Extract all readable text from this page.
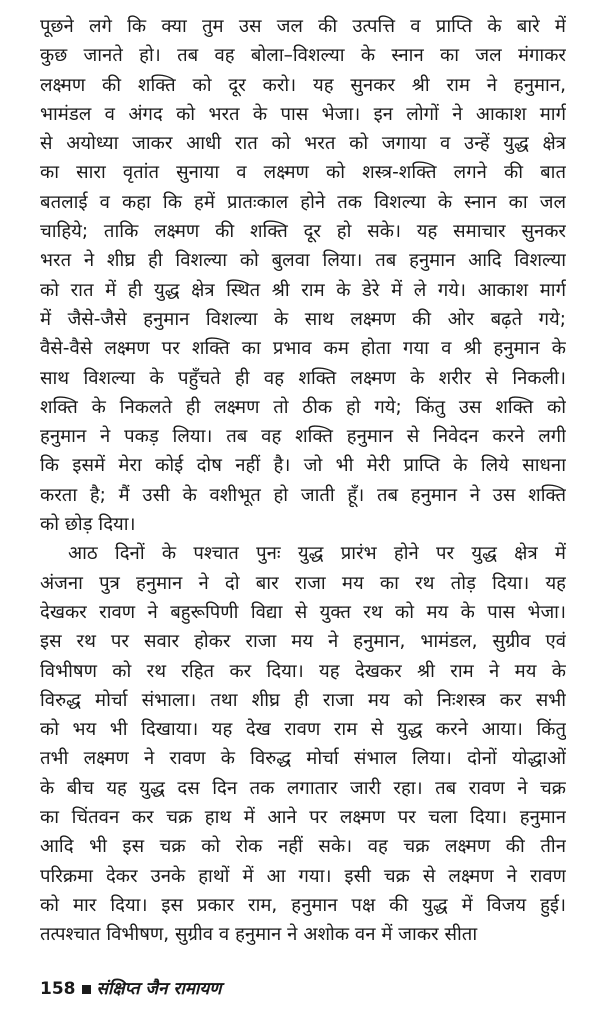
पूछने लगे कि क्या तुम उस जल की उत्पत्ति व प्राप्ति के बारे में
कुछ जानते हो। तब वह बोला–विशल्या के स्नान का जल मंगाकर
लक्ष्मण की शक्ति को दूर करो। यह सुनकर श्री राम ने हनुमान,
भामंडल व अंगद को भरत के पास भेजा। इन लोगों ने आकाश मार्ग
से अयोध्या जाकर आधी रात को भरत को जगाया व उन्हें युद्ध क्षेत्र
का सारा वृतांत सुनाया व लक्ष्मण को शस्त्र-शक्ति लगने की बात
बतलाई व कहा कि हमें प्रातःकाल होने तक विशल्या के स्नान का जल
चाहिये; ताकि लक्ष्मण की शक्ति दूर हो सके। यह समाचार सुनकर
भरत ने शीघ्र ही विशल्या को बुलवा लिया। तब हनुमान आदि विशल्या
को रात में ही युद्ध क्षेत्र स्थित श्री राम के डेरे में ले गये। आकाश मार्ग
में जैसे-जैसे हनुमान विशल्या के साथ लक्ष्मण की ओर बढ़ते गये;
वैसे-वैसे लक्ष्मण पर शक्ति का प्रभाव कम होता गया व श्री हनुमान के
साथ विशल्या के पहुँचते ही वह शक्ति लक्ष्मण के शरीर से निकली।
शक्ति के निकलते ही लक्ष्मण तो ठीक हो गये; किंतु उस शक्ति को
हनुमान ने पकड़ लिया। तब वह शक्ति हनुमान से निवेदन करने लगी
कि इसमें मेरा कोई दोष नहीं है। जो भी मेरी प्राप्ति के लिये साधना
करता है; मैं उसी के वशीभूत हो जाती हूँ। तब हनुमान ने उस शक्ति
को छोड़ दिया।
आठ दिनों के पश्चात पुनः युद्ध प्रारंभ होने पर युद्ध क्षेत्र में
अंजना पुत्र हनुमान ने दो बार राजा मय का रथ तोड़ दिया। यह
देखकर रावण ने बहुरूपिणी विद्या से युक्त रथ को मय के पास भेजा।
इस रथ पर सवार होकर राजा मय ने हनुमान, भामंडल, सुग्रीव एवं
विभीषण को रथ रहित कर दिया। यह देखकर श्री राम ने मय के
विरुद्ध मोर्चा संभाला। तथा शीघ्र ही राजा मय को निःशस्त्र कर सभी
को भय भी दिखाया। यह देख रावण राम से युद्ध करने आया। किंतु
तभी लक्ष्मण ने रावण के विरुद्ध मोर्चा संभाल लिया। दोनों योद्धाओं
के बीच यह युद्ध दस दिन तक लगातार जारी रहा। तब रावण ने चक्र
का चिंतवन कर चक्र हाथ में आने पर लक्ष्मण पर चला दिया। हनुमान
आदि भी इस चक्र को रोक नहीं सके। वह चक्र लक्ष्मण की तीन
परिक्रमा देकर उनके हाथों में आ गया। इसी चक्र से लक्ष्मण ने रावण
को मार दिया। इस प्रकार राम, हनुमान पक्ष की युद्ध में विजय हुई।
तत्पश्चात विभीषण, सुग्रीव व हनुमान ने अशोक वन में जाकर सीता
158 संक्षिप्त जैन रामायण
